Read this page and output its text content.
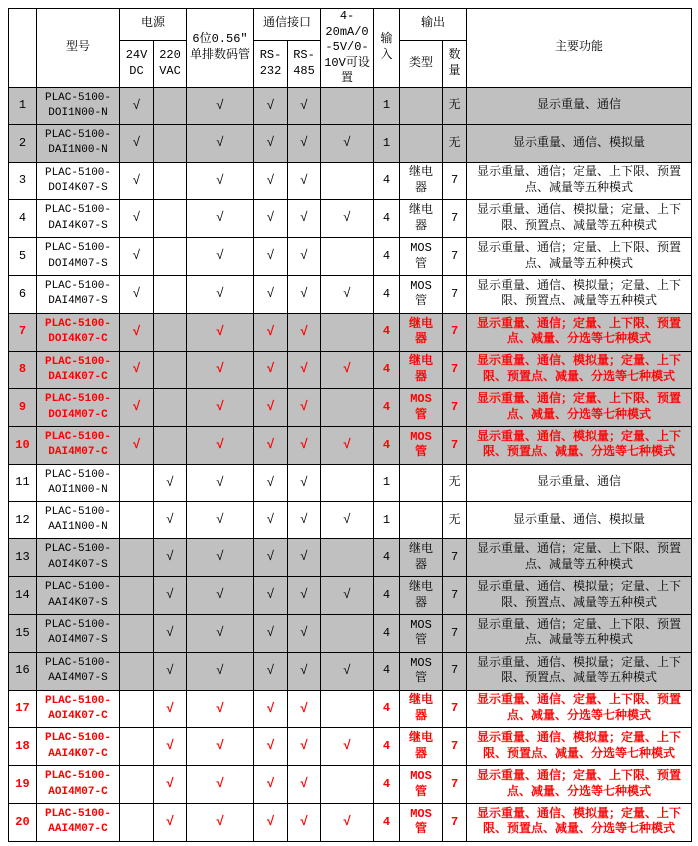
	型号	电源		6位0.56″单排数码管	通信接口		4-20mA/0-5V/0-10V可设置	输入	输出		主要功能
		24V DC	220 VAC		RS-232	RS-485			类型	数量	
1	PLAC-5100-DOI1N00-N	√		√	√	√		1		无	显示重量、通信
2	PLAC-5100-DAI1N00-N	√		√	√	√	√	1		无	显示重量、通信、模拟量
3	PLAC-5100-DOI4K07-S	√		√	√	√		4	继电器	7	显示重量、通信；定量、上下限、预置点、减量等五种模式
4	PLAC-5100-DAI4K07-S	√		√	√	√	√	4	继电器	7	显示重量、通信、模拟量；定量、上下限、预置点、减量等五种模式
5	PLAC-5100-DOI4M07-S	√		√	√	√		4	MOS管	7	显示重量、通信；定量、上下限、预置点、减量等五种模式
6	PLAC-5100-DAI4M07-S	√		√	√	√	√	4	MOS管	7	显示重量、通信、模拟量；定量、上下限、预置点、减量等五种模式
7	PLAC-5100-DOI4K07-C	√		√	√	√		4	继电器	7	显示重量、通信；定量、上下限、预置点、减量、分选等七种模式
8	PLAC-5100-DAI4K07-C	√		√	√	√	√	4	继电器	7	显示重量、通信、模拟量；定量、上下限、预置点、减量、分选等七种模式
9	PLAC-5100-DOI4M07-C	√		√	√	√		4	MOS管	7	显示重量、通信；定量、上下限、预置点、减量、分选等七种模式
10	PLAC-5100-DAI4M07-C	√		√	√	√	√	4	MOS管	7	显示重量、通信、模拟量；定量、上下限、预置点、减量、分选等七种模式
11	PLAC-5100-AOI1N00-N		√	√	√	√		1		无	显示重量、通信
12	PLAC-5100-AAI1N00-N		√	√	√	√	√	1		无	显示重量、通信、模拟量
13	PLAC-5100-AOI4K07-S		√	√	√	√		4	继电器	7	显示重量、通信；定量、上下限、预置点、减量等五种模式
14	PLAC-5100-AAI4K07-S		√	√	√	√	√	4	继电器	7	显示重量、通信、模拟量；定量、上下限、预置点、减量等五种模式
15	PLAC-5100-AOI4M07-S		√	√	√	√		4	MOS管	7	显示重量、通信；定量、上下限、预置点、减量等五种模式
16	PLAC-5100-AAI4M07-S		√	√	√	√	√	4	MOS管	7	显示重量、通信、模拟量；定量、上下限、预置点、减量等五种模式
17	PLAC-5100-AOI4K07-C		√	√	√	√		4	继电器	7	显示重量、通信、定量、上下限、预置点、减量、分选等七种模式
18	PLAC-5100-AAI4K07-C		√	√	√	√	√	4	继电器	7	显示重量、通信、模拟量；定量、上下限、预置点、减量、分选等七种模式
19	PLAC-5100-AOI4M07-C		√	√	√	√		4	MOS管	7	显示重量、通信；定量、上下限、预置点、减量、分选等七种模式
20	PLAC-5100-AAI4M07-C		√	√	√	√	√	4	MOS管	7	显示重量、通信、模拟量；定量、上下限、预置点、减量、分选等七种模式
